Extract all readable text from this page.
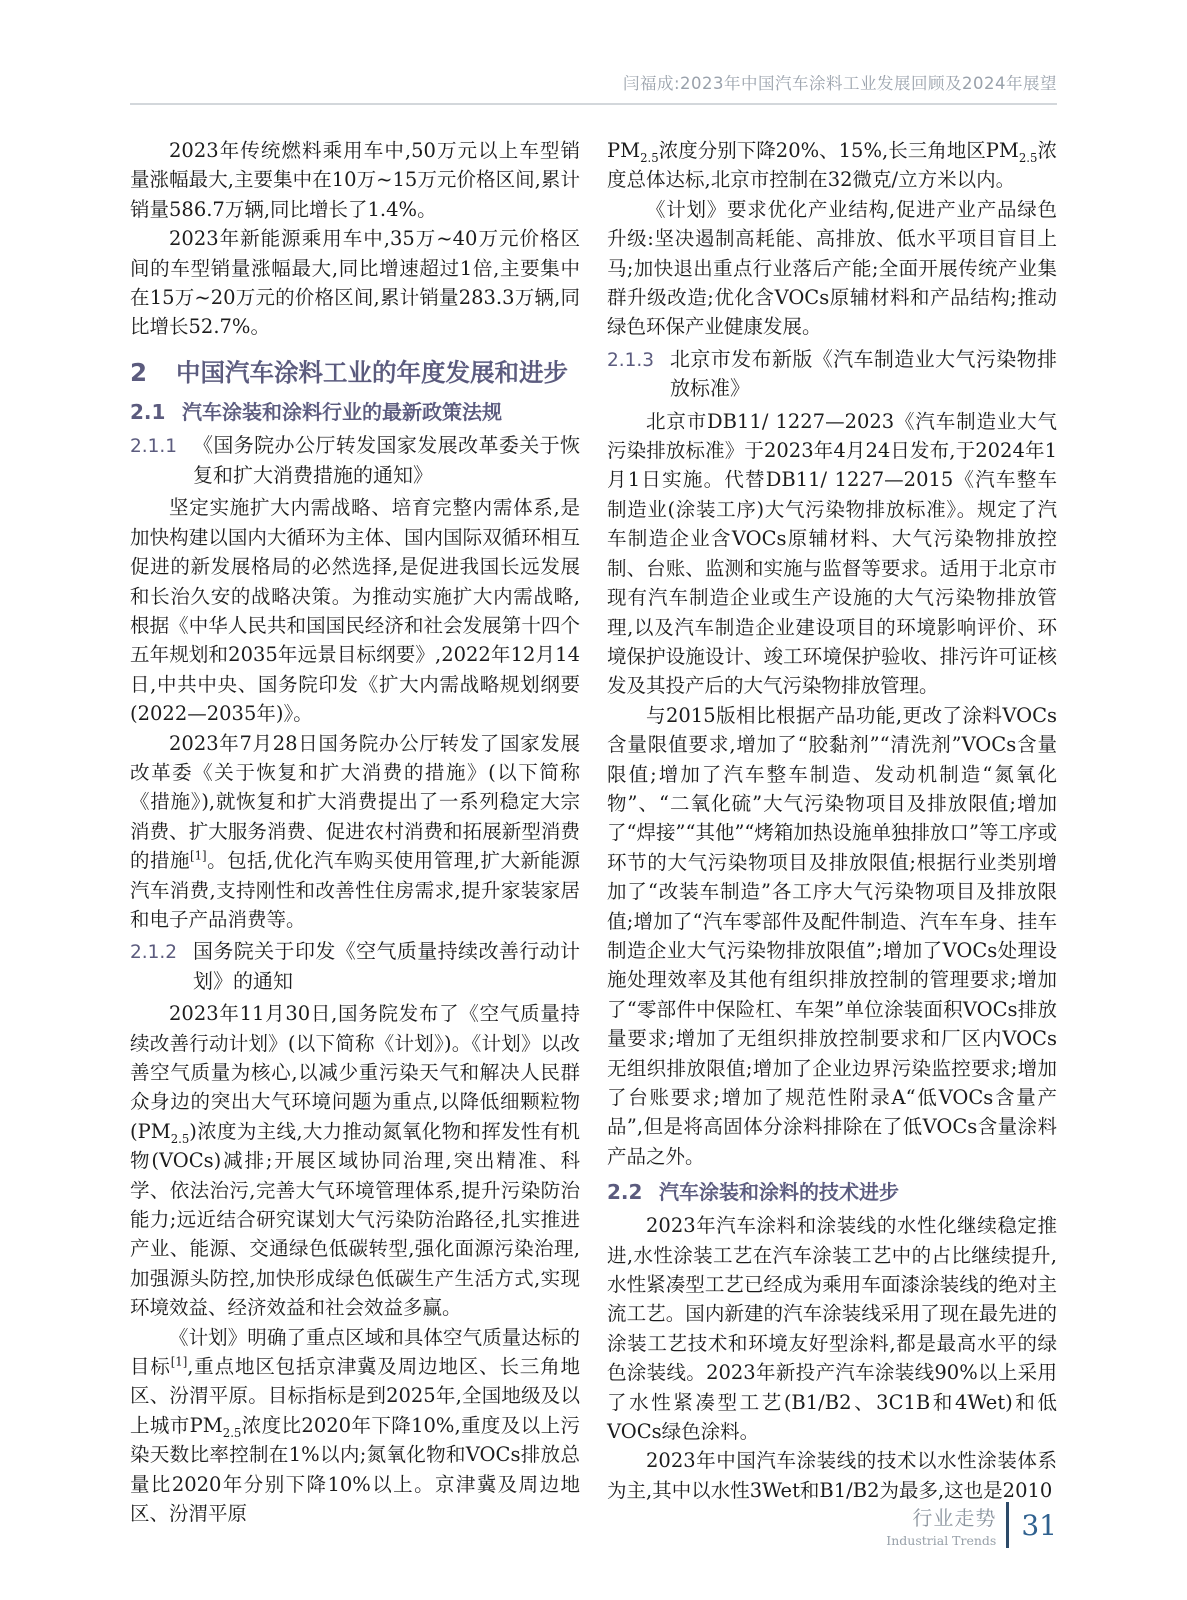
闫福成:2023年中国汽车涂料工业发展回顾及2024年展望

2023年传统燃料乘用车中,50万元以上车型销量涨幅最大,主要集中在10万~15万元价格区间,累计销量586.7万辆,同比增长了1.4%。

2023年新能源乘用车中,35万~40万元价格区间的车型销量涨幅最大,同比增速超过1倍,主要集中在15万~20万元的价格区间,累计销量283.3万辆,同比增长52.7%。

2	中国汽车涂料工业的年度发展和进步
2.1 汽车涂装和涂料行业的最新政策法规
2.1.1 《国务院办公厅转发国家发展改革委关于恢复和扩大消费措施的通知》

坚定实施扩大内需战略、培育完整内需体系,是加快构建以国内大循环为主体、国内国际双循环相互促进的新发展格局的必然选择,是促进我国长远发展和长治久安的战略决策。为推动实施扩大内需战略,根据《中华人民共和国国民经济和社会发展第十四个五年规划和2035年远景目标纲要》,2022年12月14日,中共中央、国务院印发《扩大内需战略规划纲要(2022—2035年)》。

2023年7月28日国务院办公厅转发了国家发展改革委《关于恢复和扩大消费的措施》(以下简称《措施》),就恢复和扩大消费提出了一系列稳定大宗消费、扩大服务消费、促进农村消费和拓展新型消费的措施[1]。包括,优化汽车购买使用管理,扩大新能源汽车消费,支持刚性和改善性住房需求,提升家装家居和电子产品消费等。

2.1.2 国务院关于印发《空气质量持续改善行动计划》的通知

2023年11月30日,国务院发布了《空气质量持续改善行动计划》(以下简称《计划》)。《计划》以改善空气质量为核心,以减少重污染天气和解决人民群众身边的突出大气环境问题为重点,以降低细颗粒物$(PM_{2.5})$浓度为主线,大力推动氮氧化物和挥发性有机物(VOCs)减排;开展区域协同治理,突出精准、科学、依法治污,完善大气环境管理体系,提升污染防治能力;远近结合研究谋划大气污染防治路径,扎实推进产业、能源、交通绿色低碳转型,强化面源污染治理,加强源头防控,加快形成绿色低碳生产生活方式,实现环境效益、经济效益和社会效益多赢。

《计划》明确了重点区域和具体空气质量达标的目标[1],重点地区包括京津冀及周边地区、长三角地区、汾渭平原。目标指标是到2025年,全国地级及以上城市$PM_{2.5}$浓度比2020年下降10%,重度及以上污染天数比率控制在1%以内;氮氧化物和VOCs排放总量比2020年分别下降10%以上。京津冀及周边地区、汾渭平原

$PM_{2.5}$浓度分别下降20%、15%,长三角地区$PM_{2.5}$浓度总体达标,北京市控制在32微克/立方米以内。

《计划》要求优化产业结构,促进产业产品绿色升级:坚决遏制高耗能、高排放、低水平项目盲目上马;加快退出重点行业落后产能;全面开展传统产业集群升级改造;优化含VOCs原辅材料和产品结构;推动绿色环保产业健康发展。

2.1.3 北京市发布新版《汽车制造业大气污染物排放标准》

北京市DB11/ 1227—2023《汽车制造业大气污染排放标准》于2023年4月24日发布,于2024年1月1日实施。代替DB11/ 1227—2015《汽车整车制造业(涂装工序)大气污染物排放标准》。规定了汽车制造企业含VOCs原辅材料、大气污染物排放控制、台账、监测和实施与监督等要求。适用于北京市现有汽车制造企业或生产设施的大气污染物排放管理,以及汽车制造企业建设项目的环境影响评价、环境保护设施设计、竣工环境保护验收、排污许可证核发及其投产后的大气污染物排放管理。

与2015版相比根据产品功能,更改了涂料VOCs含量限值要求,增加了“胶黏剂”“清洗剂”VOCs含量限值;增加了汽车整车制造、发动机制造“氮氧化物”、“二氧化硫”大气污染物项目及排放限值;增加了“焊接”“其他”“烤箱加热设施单独排放口”等工序或环节的大气污染物项目及排放限值;根据行业类别增加了“改装车制造”各工序大气污染物项目及排放限值;增加了“汽车零部件及配件制造、汽车车身、挂车制造企业大气污染物排放限值”;增加了VOCs处理设施处理效率及其他有组织排放控制的管理要求;增加了“零部件中保险杠、车架”单位涂装面积VOCs排放量要求;增加了无组织排放控制要求和厂区内VOCs无组织排放限值;增加了企业边界污染监控要求;增加了台账要求;增加了规范性附录A“低VOCs含量产品”,但是将高固体分涂料排除在了低VOCs含量涂料产品之外。

2.2 汽车涂装和涂料的技术进步

2023年汽车涂料和涂装线的水性化继续稳定推进,水性涂装工艺在汽车涂装工艺中的占比继续提升,水性紧凑型工艺已经成为乘用车面漆涂装线的绝对主流工艺。国内新建的汽车涂装线采用了现在最先进的涂装工艺技术和环境友好型涂料,都是最高水平的绿色涂装线。2023年新投产汽车涂装线90%以上采用了水性紧凑型工艺(B1/B2、3C1B和4Wet)和低VOCs绿色涂料。

2023年中国汽车涂装线的技术以水性涂装体系为主,其中以水性3Wet和B1/B2为最多,这也是2010

行业走势
Industrial Trends 31
